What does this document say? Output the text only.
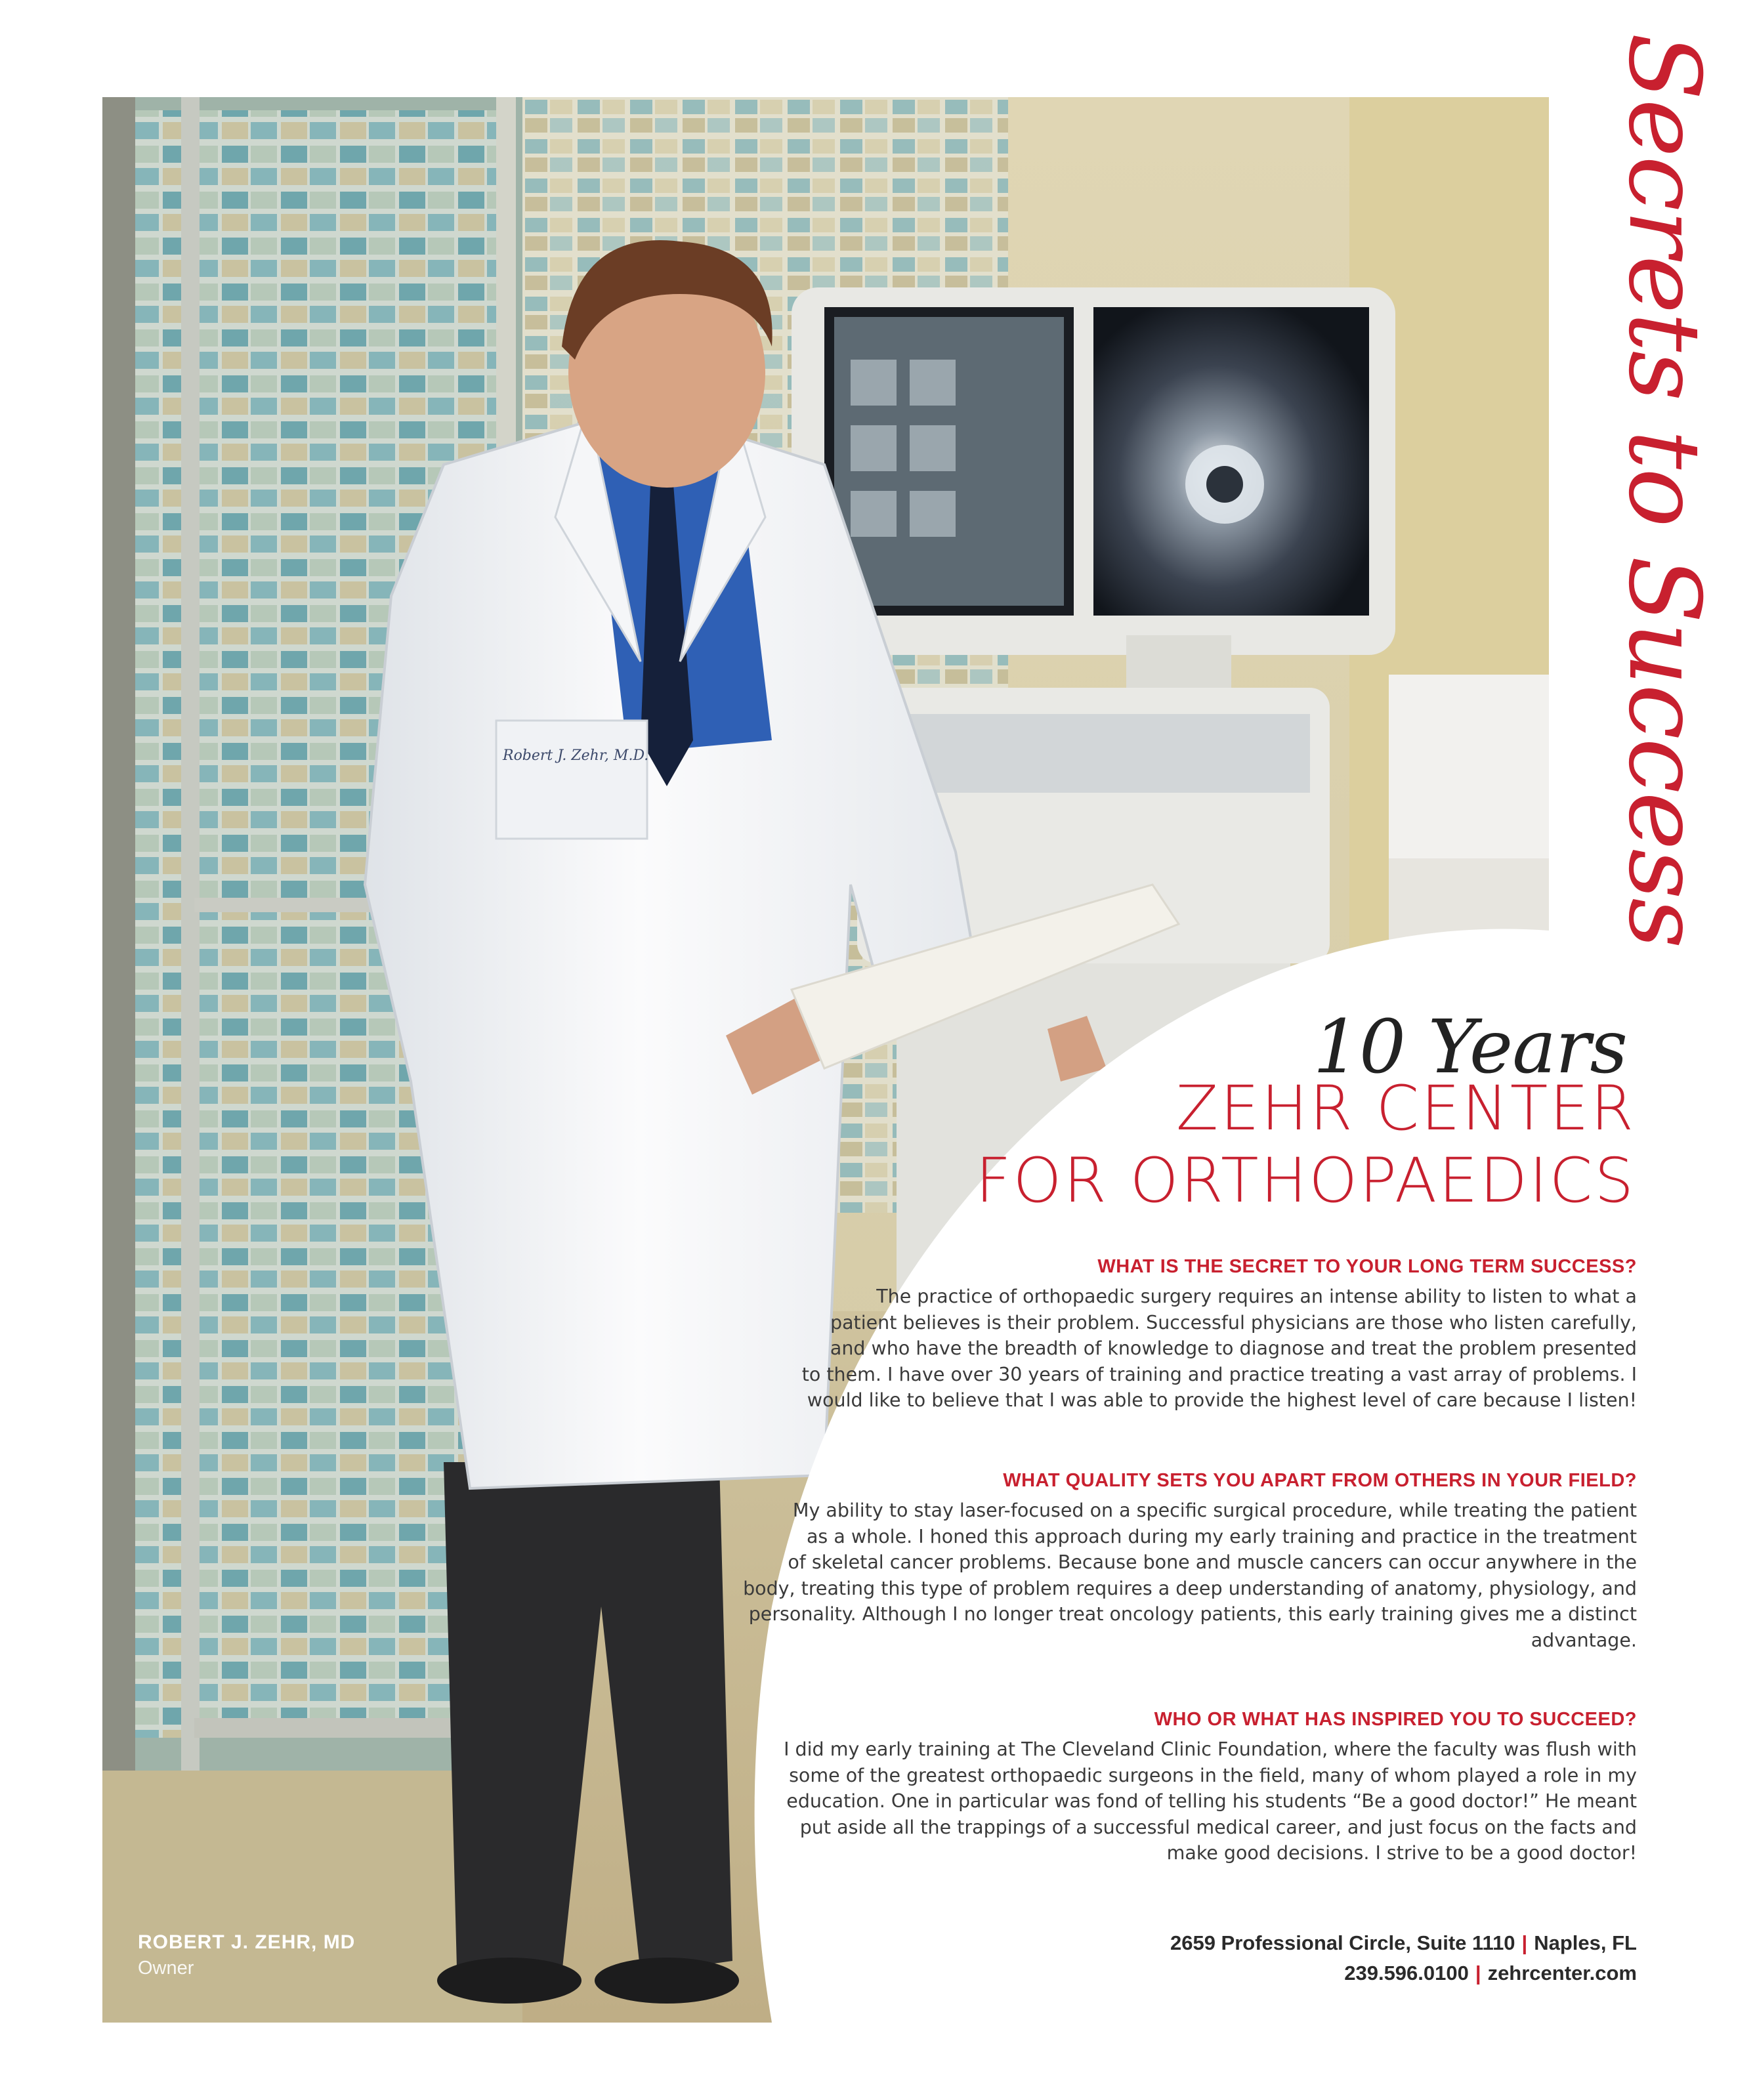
Robert J. Zehr, M.D.	Secrets to Success
10 Years
ZEHR CENTER
FOR ORTHOPAEDICS
WHAT IS THE SECRET TO YOUR LONG TERM SUCCESS?

The practice of orthopaedic surgery requires an intense ability to listen to what a
patient believes is their problem. Successful physicians are those who listen carefully,
and who have the breadth of knowledge to diagnose and treat the problem presented
to them. I have over 30 years of training and practice treating a vast array of problems. I
would like to believe that I was able to provide the highest level of care because I listen!

WHAT QUALITY SETS YOU APART FROM OTHERS IN YOUR FIELD?

My ability to stay laser-focused on a specific surgical procedure, while treating the patient
as a whole. I honed this approach during my early training and practice in the treatment
of skeletal cancer problems. Because bone and muscle cancers can occur anywhere in the
body, treating this type of problem requires a deep understanding of anatomy, physiology, and
personality. Although I no longer treat oncology patients, this early training gives me a distinct
advantage.

WHO OR WHAT HAS INSPIRED YOU TO SUCCEED?

I did my early training at The Cleveland Clinic Foundation, where the faculty was flush with
some of the greatest orthopaedic surgeons in the field, many of whom played a role in my
education. One in particular was fond of telling his students “Be a good doctor!” He meant
put aside all the trappings of a successful medical career, and just focus on the facts and
make good decisions. I strive to be a good doctor!

2659 Professional Circle, Suite 1110 | Naples, FL
239.596.0100 | zehrcenter.com
ROBERT J. ZEHR, MD
Owner
